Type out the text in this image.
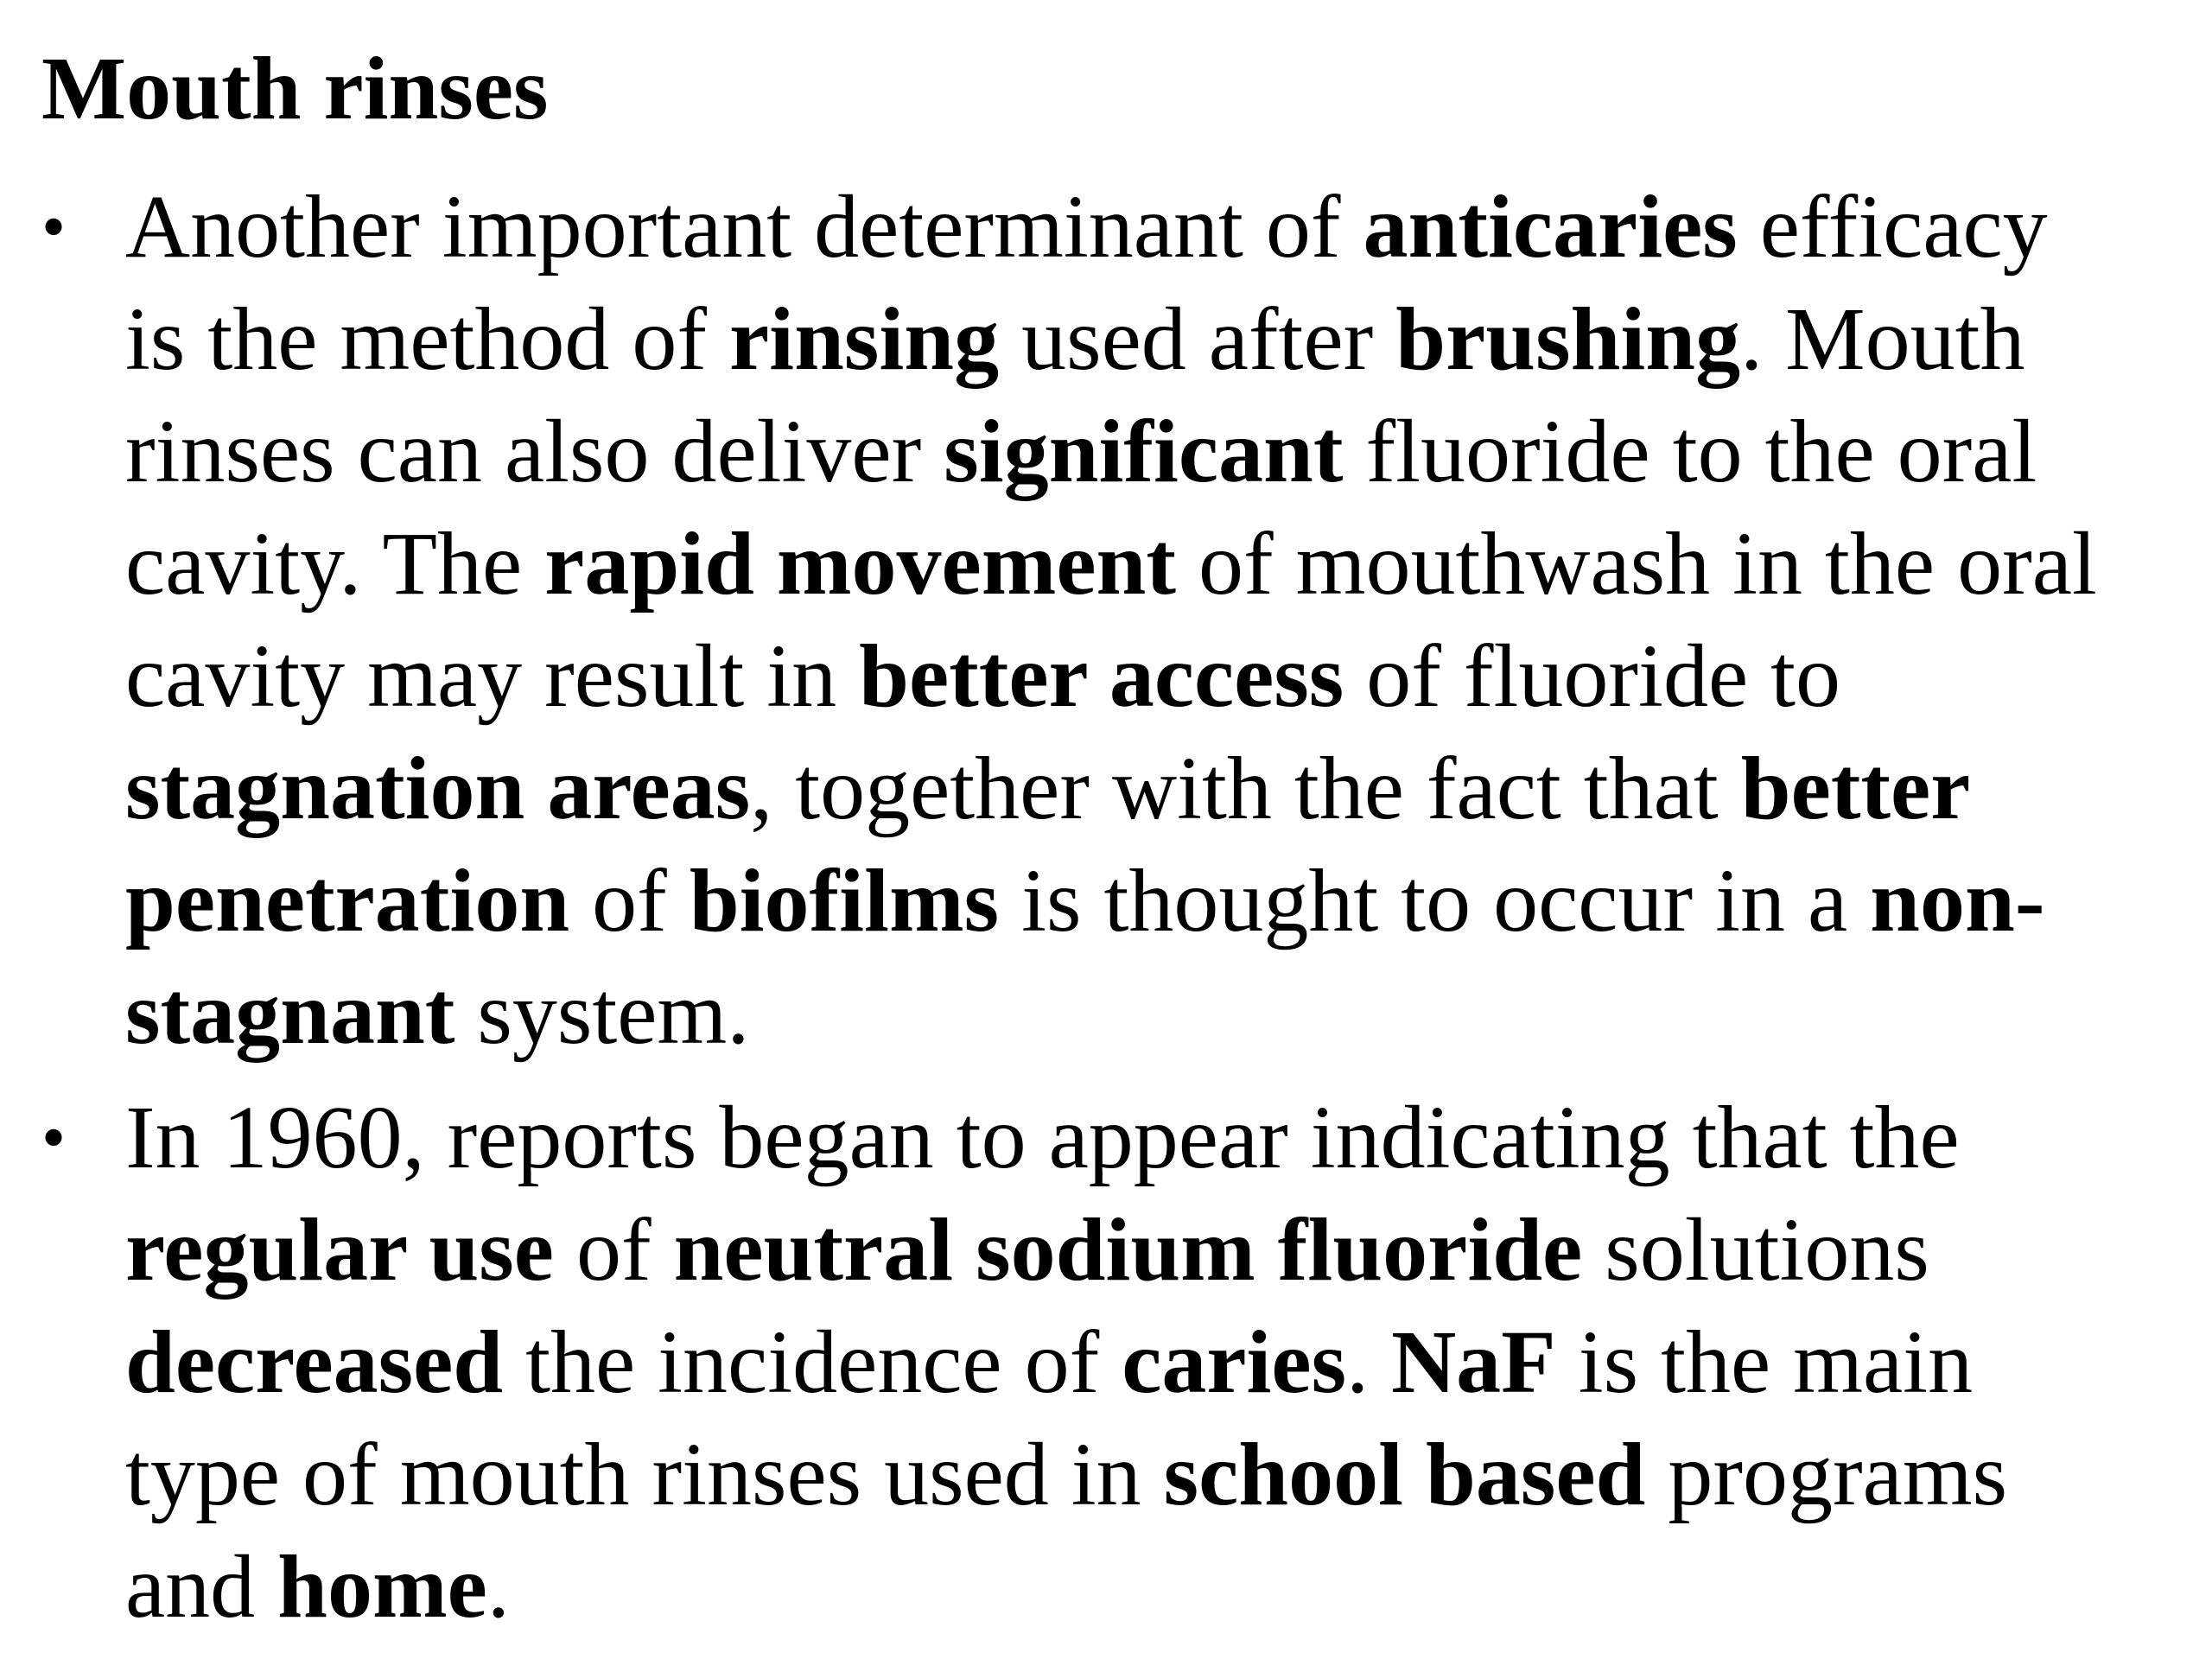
Mouth rinses
• Another important determinant of anticaries efficacy
is the method of rinsing used after brushing. Mouth
rinses can also deliver significant fluoride to the oral
cavity. The rapid movement of mouthwash in the oral
cavity may result in better access of fluoride to
stagnation areas, together with the fact that better
penetration of biofilms is thought to occur in a non-
stagnant system.

• In 1960, reports began to appear indicating that the
regular use of neutral sodium fluoride solutions
decreased the incidence of caries. NaF is the main
type of mouth rinses used in school based programs
and home.
